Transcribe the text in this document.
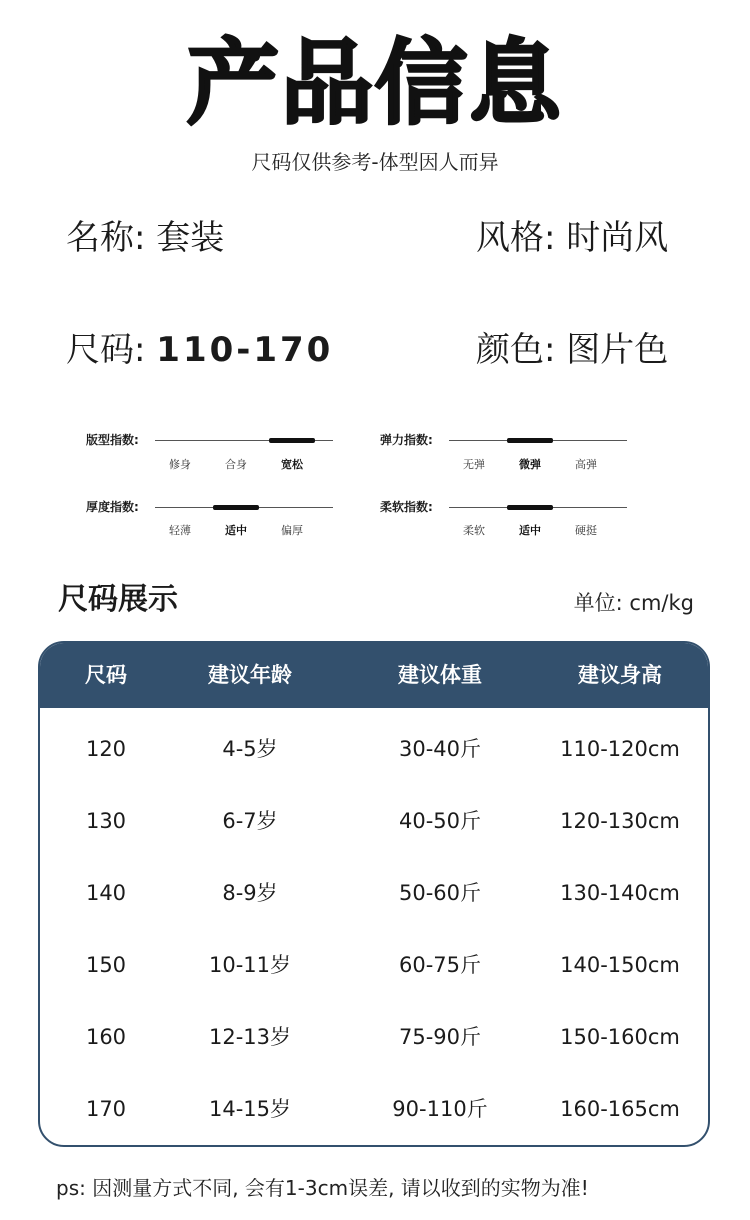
产品信息
尺码仅供参考-体型因人而异
名称: 套装	风格: 时尚风
尺码: 110-170	颜色: 图片色
版型指数:
修身	合身	宽松
弹力指数:
无弹	微弹	高弹
厚度指数:
轻薄	适中	偏厚
柔软指数:
柔软	适中	硬挺
尺码展示	单位: cm/kg
尺码	建议年龄	建议体重	建议身高
120	4-5岁	30-40斤	110-120cm
130	6-7岁	40-50斤	120-130cm
140	8-9岁	50-60斤	130-140cm
150	10-11岁	60-75斤	140-150cm
160	12-13岁	75-90斤	150-160cm
170	14-15岁	90-110斤	160-165cm
ps: 因测量方式不同, 会有1-3cm误差, 请以收到的实物为准!
